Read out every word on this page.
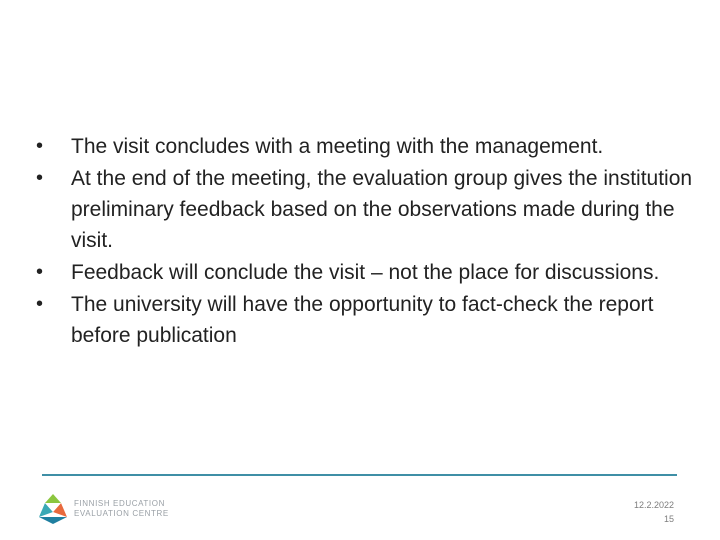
•	The visit concludes with a meeting with the management.
•	At the end of the meeting, the evaluation group gives the institution preliminary feedback based on the observations made during the visit.
•	Feedback will conclude the visit – not the place for discussions.
•	The university will have the opportunity to fact-check the report before publication
FINNISH EDUCATION
EVALUATION CENTRE
12.2.2022
15
